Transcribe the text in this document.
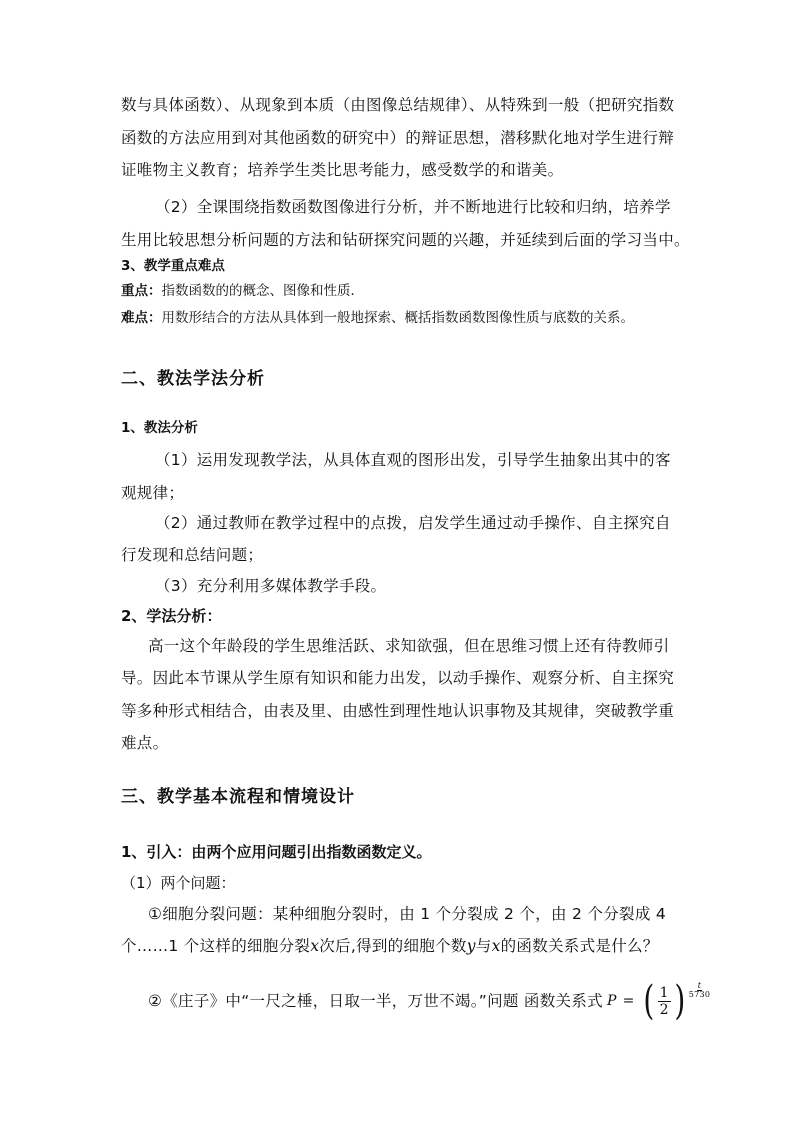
数与具体函数）、从现象到本质（由图像总结规律）、从特殊到一般（把研究指数
函数的方法应用到对其他函数的研究中）的辩证思想，潜移默化地对学生进行辩
证唯物主义教育；培养学生类比思考能力，感受数学的和谐美。
（2）全课围绕指数函数图像进行分析，并不断地进行比较和归纳，培养学
生用比较思想分析问题的方法和钻研探究问题的兴趣，并延续到后面的学习当中。
3、教学重点难点
重点：指数函数的的概念、图像和性质．
难点：用数形结合的方法从具体到一般地探索、概括指数函数图像性质与底数的关系。
二、教法学法分析
1、教法分析
（1）运用发现教学法，从具体直观的图形出发，引导学生抽象出其中的客
观规律；
（2）通过教师在教学过程中的点拨，启发学生通过动手操作、自主探究自
行发现和总结问题；
（3）充分利用多媒体教学手段。
2、学法分析：
高一这个年龄段的学生思维活跃、求知欲强，但在思维习惯上还有待教师引
导。因此本节课从学生原有知识和能力出发，以动手操作、观察分析、自主探究
等多种形式相结合，由表及里、由感性到理性地认识事物及其规律，突破教学重
难点。
三、教学基本流程和情境设计
1、引入：由两个应用问题引出指数函数定义。
（1）两个问题：
①细胞分裂问题：某种细胞分裂时，由 1 个分裂成 2 个，由 2 个分裂成 4
个……1 个这样的细胞分裂x次后,得到的细胞个数y与x的函数关系式是什么？
②《庄子》中“一尺之棰，日取一半，万世不竭。”问题 函数关系式 P = ( $\frac{1}{2}$ ) t
5730
